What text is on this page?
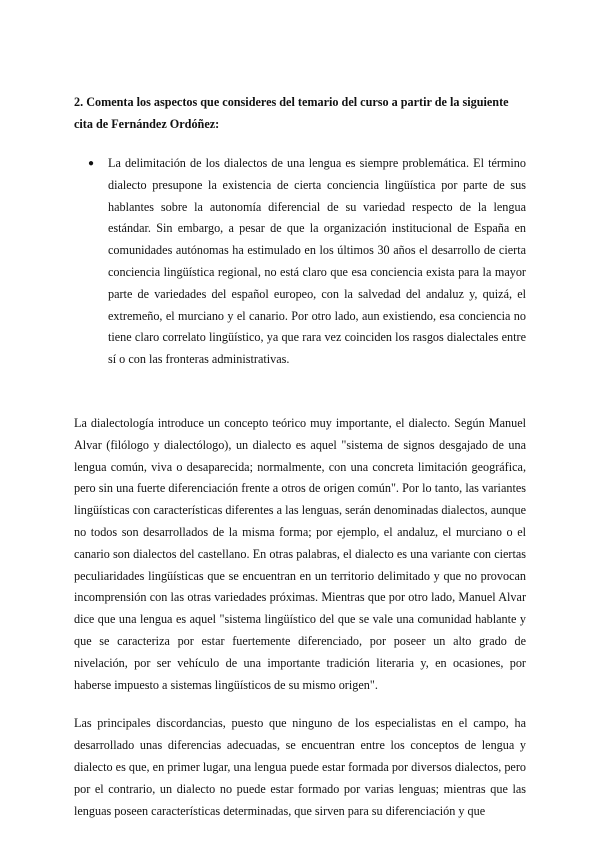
2. Comenta los aspectos que consideres del temario del curso a partir de la siguiente cita de Fernández Ordóñez:

● La delimitación de los dialectos de una lengua es siempre problemática. El término dialecto presupone la existencia de cierta conciencia lingüística por parte de sus hablantes sobre la autonomía diferencial de su variedad respecto de la lengua estándar. Sin embargo, a pesar de que la organización institucional de España en comunidades autónomas ha estimulado en los últimos 30 años el desarrollo de cierta conciencia lingüística regional, no está claro que esa conciencia exista para la mayor parte de variedades del español europeo, con la salvedad del andaluz y, quizá, el extremeño, el murciano y el canario. Por otro lado, aun existiendo, esa conciencia no tiene claro correlato lingüístico, ya que rara vez coinciden los rasgos dialectales entre sí o con las fronteras administrativas.

La dialectología introduce un concepto teórico muy importante, el dialecto. Según Manuel Alvar (filólogo y dialectólogo), un dialecto es aquel "sistema de signos desgajado de una lengua común, viva o desaparecida; normalmente, con una concreta limitación geográfica, pero sin una fuerte diferenciación frente a otros de origen común". Por lo tanto, las variantes lingüísticas con características diferentes a las lenguas, serán denominadas dialectos, aunque no todos son desarrollados de la misma forma; por ejemplo, el andaluz, el murciano o el canario son dialectos del castellano. En otras palabras, el dialecto es una variante con ciertas peculiaridades lingüísticas que se encuentran en un territorio delimitado y que no provocan incomprensión con las otras variedades próximas. Mientras que por otro lado, Manuel Alvar dice que una lengua es aquel "sistema lingüístico del que se vale una comunidad hablante y que se caracteriza por estar fuertemente diferenciado, por poseer un alto grado de nivelación, por ser vehículo de una importante tradición literaria y, en ocasiones, por haberse impuesto a sistemas lingüísticos de su mismo origen".

Las principales discordancias, puesto que ninguno de los especialistas en el campo, ha desarrollado unas diferencias adecuadas, se encuentran entre los conceptos de lengua y dialecto es que, en primer lugar, una lengua puede estar formada por diversos dialectos, pero por el contrario, un dialecto no puede estar formado por varias lenguas; mientras que las lenguas poseen características determinadas, que sirven para su diferenciación y que
